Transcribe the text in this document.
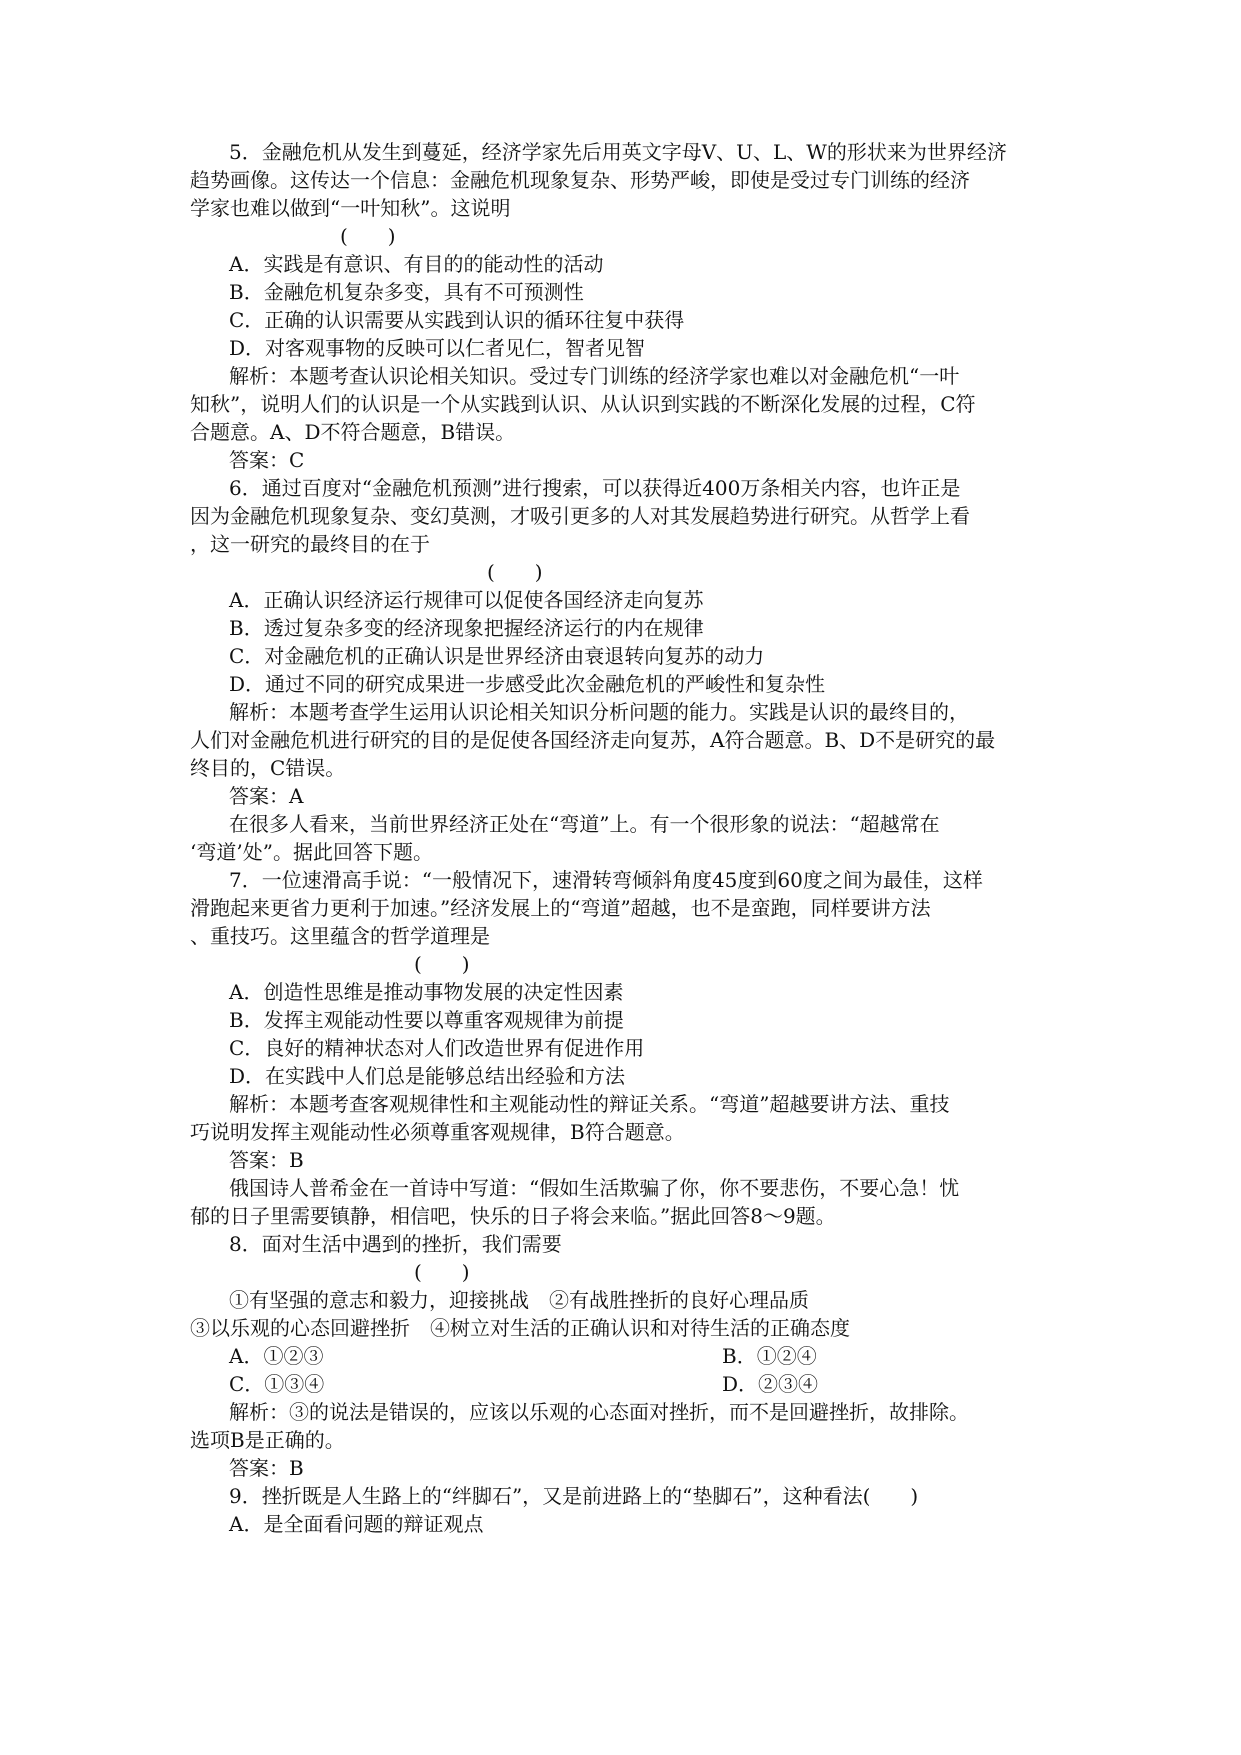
5．金融危机从发生到蔓延，经济学家先后用英文字母V、U、L、W的形状来为世界经济
趋势画像。这传达一个信息：金融危机现象复杂、形势严峻，即使是受过专门训练的经济
学家也难以做到“一叶知秋”。这说明
(　　)
A．实践是有意识、有目的的能动性的活动
B．金融危机复杂多变，具有不可预测性
C．正确的认识需要从实践到认识的循环往复中获得
D．对客观事物的反映可以仁者见仁，智者见智
解析：本题考查认识论相关知识。受过专门训练的经济学家也难以对金融危机“一叶
知秋”，说明人们的认识是一个从实践到认识、从认识到实践的不断深化发展的过程，C符
合题意。A、D不符合题意，B错误。
答案：C
6．通过百度对“金融危机预测”进行搜索，可以获得近400万条相关内容，也许正是
因为金融危机现象复杂、变幻莫测，才吸引更多的人对其发展趋势进行研究。从哲学上看
，这一研究的最终目的在于
(　　)
A．正确认识经济运行规律可以促使各国经济走向复苏
B．透过复杂多变的经济现象把握经济运行的内在规律
C．对金融危机的正确认识是世界经济由衰退转向复苏的动力
D．通过不同的研究成果进一步感受此次金融危机的严峻性和复杂性
解析：本题考查学生运用认识论相关知识分析问题的能力。实践是认识的最终目的，
人们对金融危机进行研究的目的是促使各国经济走向复苏，A符合题意。B、D不是研究的最
终目的，C错误。
答案：A
在很多人看来，当前世界经济正处在“弯道”上。有一个很形象的说法：“超越常在
‘弯道’处”。据此回答下题。
7．一位速滑高手说：“一般情况下，速滑转弯倾斜角度45度到60度之间为最佳，这样
滑跑起来更省力更利于加速。”经济发展上的“弯道”超越，也不是蛮跑，同样要讲方法
、重技巧。这里蕴含的哲学道理是
(　　)
A．创造性思维是推动事物发展的决定性因素
B．发挥主观能动性要以尊重客观规律为前提
C．良好的精神状态对人们改造世界有促进作用
D．在实践中人们总是能够总结出经验和方法
解析：本题考查客观规律性和主观能动性的辩证关系。“弯道”超越要讲方法、重技
巧说明发挥主观能动性必须尊重客观规律，B符合题意。
答案：B
俄国诗人普希金在一首诗中写道：“假如生活欺骗了你，你不要悲伤，不要心急！忧
郁的日子里需要镇静，相信吧，快乐的日子将会来临。”据此回答8～9题。
8．面对生活中遇到的挫折，我们需要
(　　)
①有坚强的意志和毅力，迎接挑战　②有战胜挫折的良好心理品质
③以乐观的心态回避挫折　④树立对生活的正确认识和对待生活的正确态度
A．①②③	B．①②④
C．①③④	D．②③④
解析：③的说法是错误的，应该以乐观的心态面对挫折，而不是回避挫折，故排除。
选项B是正确的。
答案：B
9．挫折既是人生路上的“绊脚石”，又是前进路上的“垫脚石”，这种看法(　　)
A．是全面看问题的辩证观点
